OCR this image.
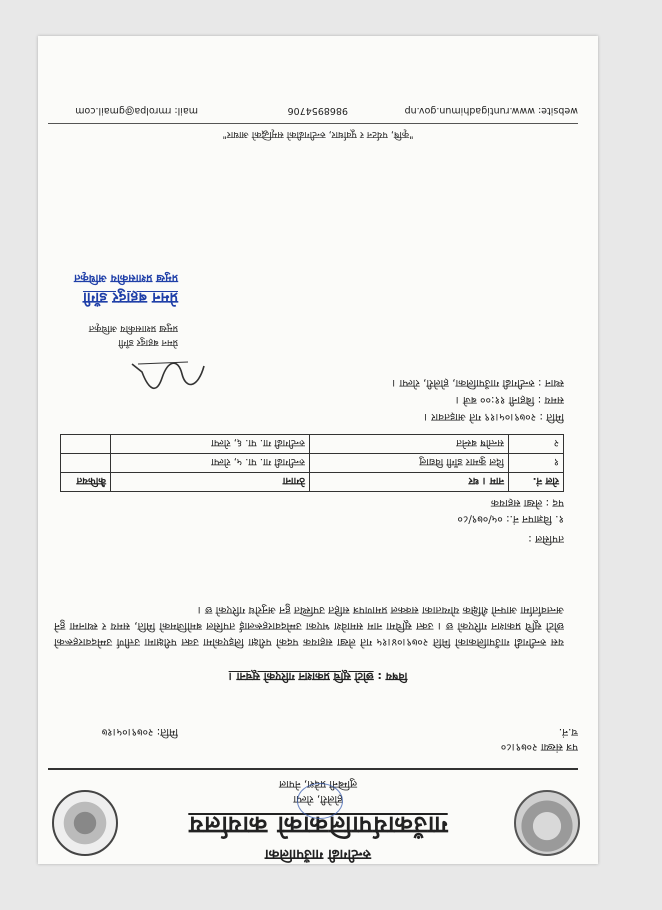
रुन्टीगढी गाउँपालिका
गाउँकार्यपालिकाको कार्यालय
होलेरी, रोल्पा
लुम्बिनी प्रदेश, नेपाल
पत्र संख्या २०७९।८०
च.नं.
मिति: २०७९।०५।१७
विषय : छोटो सूचि प्रकाशन गरिएको सूचना ।
यस रुन्टीगढी गाउँपालिकाको मिति २०७९।०४।१५ गते लेखा सहायक पदको परीक्षा लिइएकोमा उक्त परीक्षामा उत्तीर्ण उम्मेदवारहरूको छोटो सूचि प्रकाशन गरिएको छ । उक्त सूचिमा नाम समावेश भएका उम्मेदवारहरूलाई तपसिल बमोजिमको मिति, समय र स्थानमा हुने अन्तर्वार्तामा आफ्नो शैक्षिक योग्यताका सक्कल प्रमाणपत्र सहित उपस्थित हुन अनुरोध गरिएको छ ।
तपसिल :
१. विज्ञापन नं.: ०५/०७९/८०
पद : लेखा सहायक
रोल नं.	नाम । थर	ठेगाना	कैफियत
१	दिल कुमार डाँगी विद्यालु	रुन्टीगढी गा. पा. ५, रोल्पा	
२	सन्तोष बस्नेत	रुन्टीगढी गा. पा. ६, रोल्पा	
मिति : २०७९।०५।१९ गते आइतवार ।
समय : बिहानी ११:०० बजे ।
स्थान : रुन्टीगढी गाउँपालिका, होलेरी, रोल्पा ।
प्रेमन बहादुर डाँगी
प्रमुख प्रशासकीय अधिकृत
प्रेमन बहादुर डाँगी
प्रमुख प्रशासकीय अधिकृत
"कृषि, पर्यटन र पूर्वाधार, रुन्टीगढीको समृद्धिको आधार"
website: www.runtigadhimun.gov.np
9868954706
mail: rmrolpa@gmail.com
